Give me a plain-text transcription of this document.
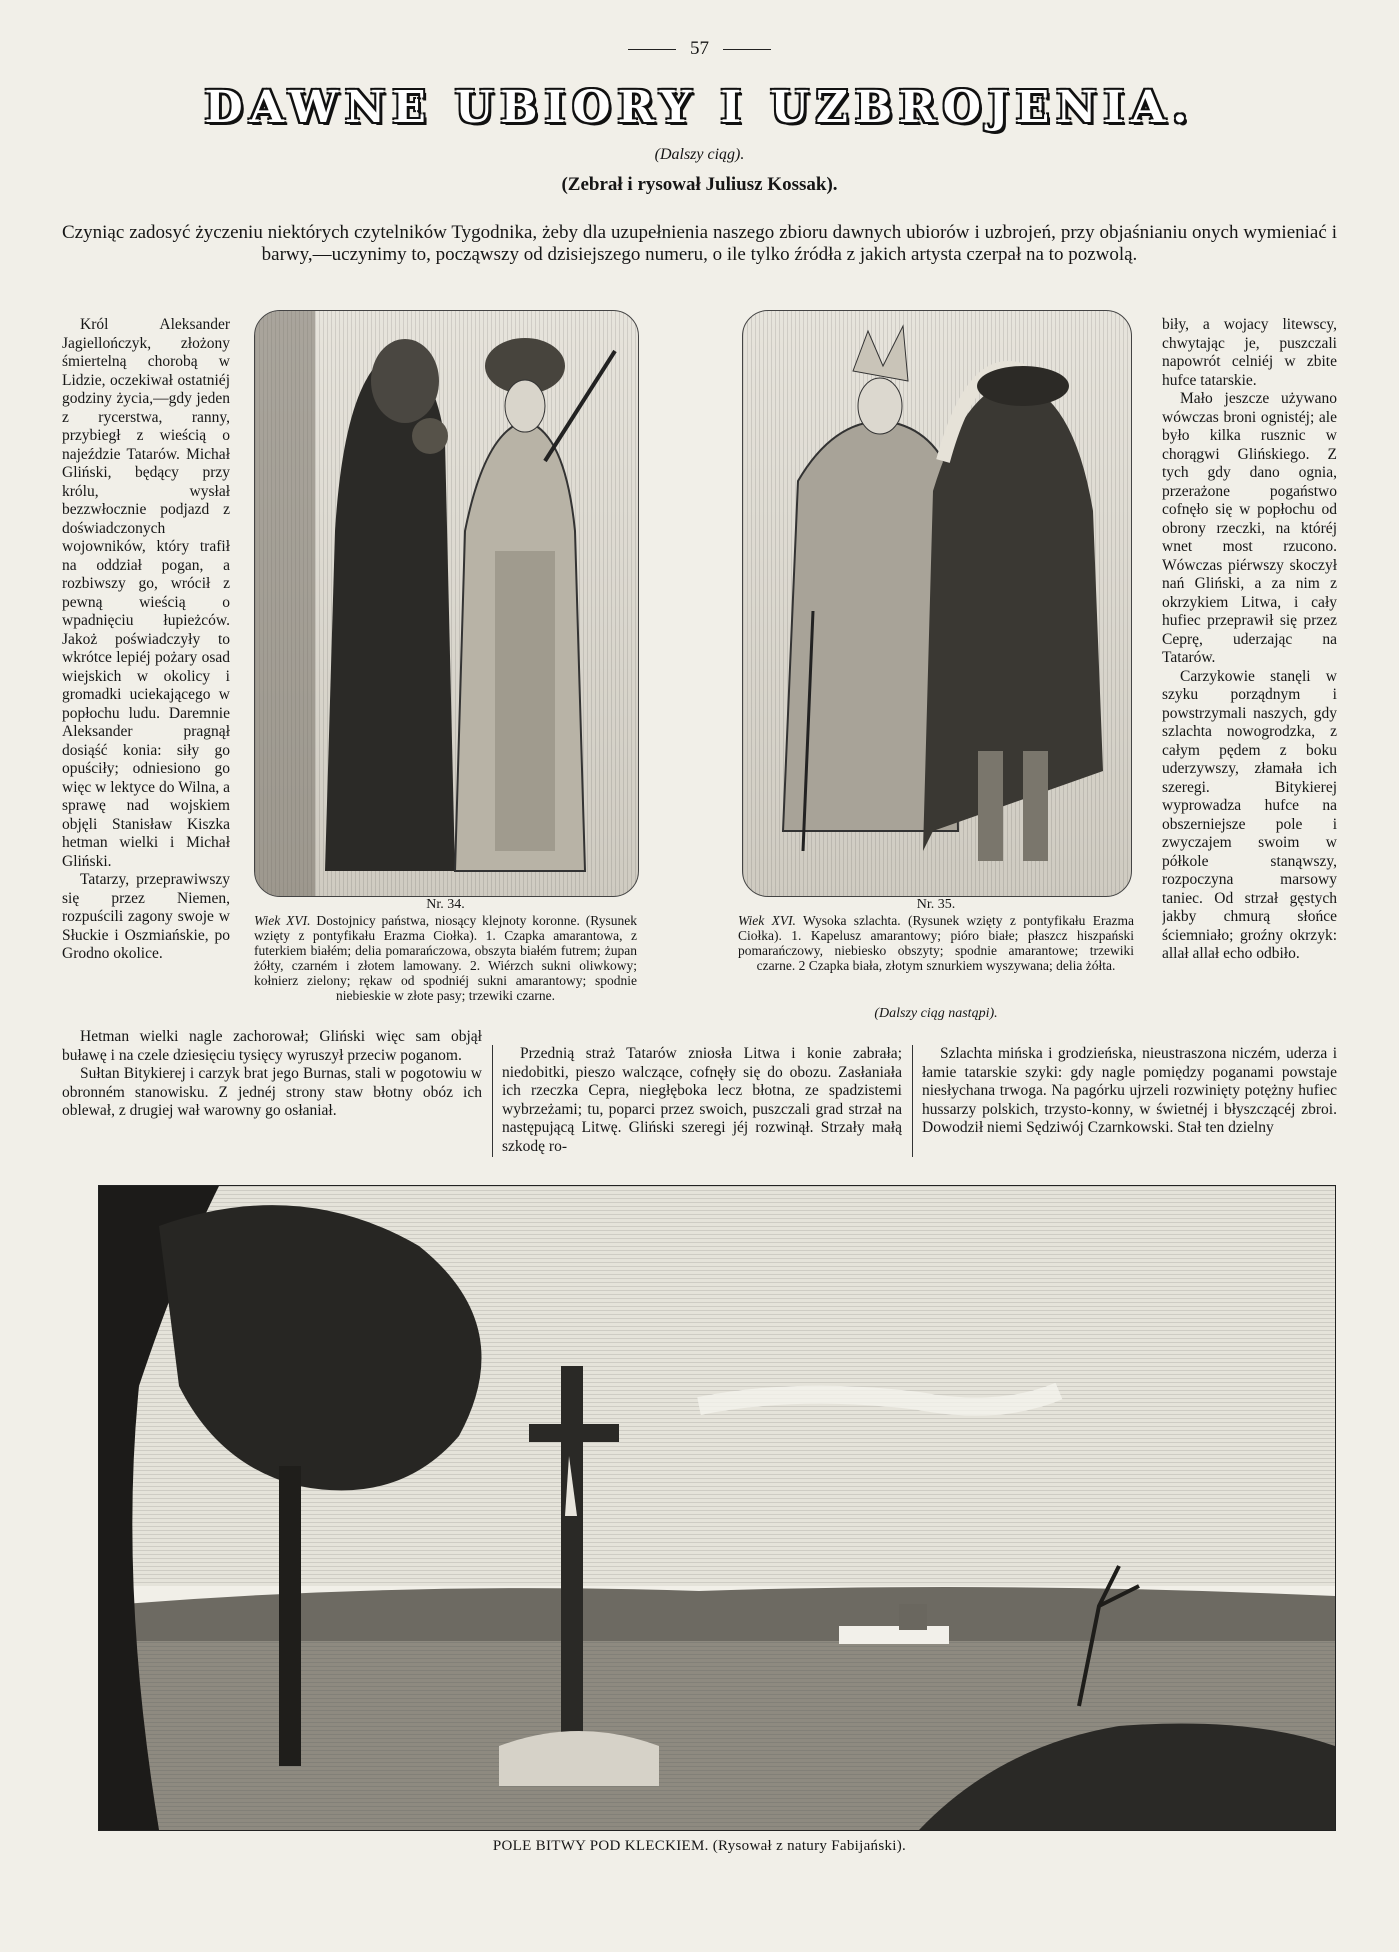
57
DAWNE UBIORY I UZBROJENIA.
(Dalszy ciąg).
(Zebrał i rysował Juliusz Kossak).
Czyniąc zadosyć życzeniu niektórych czytelników Tygodnika, żeby dla uzupełnienia naszego zbioru dawnych ubiorów i uzbrojeń, przy objaśnianiu onych wymieniać i barwy,—uczynimy to, począwszy od dzisiejszego numeru, o ile tylko źródła z jakich artysta czerpał na to pozwolą.

Król Aleksander Jagiellończyk, złożony śmiertelną chorobą w Lidzie, oczekiwał ostatniéj godziny życia,—gdy jeden z rycerstwa, ranny, przybiegł z wieścią o najeździe Tatarów. Michał Gliński, będący przy królu, wysłał bezzwłocznie podjazd z doświadczonych wojowników, który trafił na oddział pogan, a rozbiwszy go, wrócił z pewną wieścią o wpadnięciu łupieżców. Jakoż poświadczyły to wkrótce lepiéj pożary osad wiejskich w okolicy i gromadki uciekającego w popłochu ludu. Daremnie Aleksander pragnął dosiąść konia: siły go opuściły; odniesiono go więc w lektyce do Wilna, a sprawę nad wojskiem objęli Stanisław Kiszka hetman wielki i Michał Gliński.

Tatarzy, przeprawiwszy się przez Niemen, rozpuścili zagony swoje w Słuckie i Oszmiańskie, po Grodno okolice.

Nr. 34.
Wiek XVI. Dostojnicy państwa, niosący klejnoty koronne. (Rysunek wzięty z pontyfikału Erazma Ciołka). 1. Czapka amarantowa, z futerkiem białém; delia pomarańczowa, obszyta białém futrem; żupan żółty, czarném i złotem lamowany. 2. Wiérzch sukni oliwkowy; kołnierz zielony; rękaw od spodniéj sukni amarantowy; spodnie niebieskie w złote pasy; trzewiki czarne.
Nr. 35.
Wiek XVI. Wysoka szlachta. (Rysunek wzięty z pontyfikału Erazma Ciołka). 1. Kapelusz amarantowy; pióro białe; płaszcz hiszpański pomarańczowy, niebiesko obszyty; spodnie amarantowe; trzewiki czarne. 2 Czapka biała, złotym sznurkiem wyszywana; delia żółta.
(Dalszy ciąg nastąpi).

biły, a wojacy litewscy, chwytając je, puszczali napowrót celniéj w zbite hufce tatarskie.

Mało jeszcze używano wówczas broni ognistéj; ale było kilka rusznic w chorągwi Glińskiego. Z tych gdy dano ognia, przerażone pogaństwo cofnęło się w popłochu od obrony rzeczki, na któréj wnet most rzucono. Wówczas piérwszy skoczył nań Gliński, a za nim z okrzykiem Litwa, i cały hufiec przeprawił się przez Ceprę, uderzając na Tatarów.

Carzykowie stanęli w szyku porządnym i powstrzymali naszych, gdy szlachta nowogrodzka, z całym pędem z boku uderzywszy, złamała ich szeregi. Bitykierej wyprowadza hufce na obszerniejsze pole i zwyczajem swoim w półkole stanąwszy, rozpoczyna marsowy taniec. Od strzał gęstych jakby chmurą słońce ściemniało; groźny okrzyk: allał allał echo odbiło.

Hetman wielki nagle zachorował; Gliński więc sam objął buławę i na czele dziesięciu tysięcy wyruszył przeciw poganom.

Sułtan Bitykierej i carzyk brat jego Burnas, stali w pogotowiu w obronném stanowisku. Z jednéj strony staw błotny obóz ich oblewał, z drugiej wał warowny go osłaniał.

Przednią straż Tatarów zniosła Litwa i konie zabrała; niedobitki, pieszo walczące, cofnęły się do obozu. Zasłaniała ich rzeczka Cepra, niegłęboka lecz błotna, ze spadzistemi wybrzeżami; tu, poparci przez swoich, puszczali grad strzał na następującą Litwę. Gliński szeregi jéj rozwinął. Strzały małą szkodę ro-

Szlachta mińska i grodzieńska, nieustraszona niczém, uderza i łamie tatarskie szyki: gdy nagle pomiędzy poganami powstaje niesłychana trwoga. Na pagórku ujrzeli rozwinięty potężny hufiec hussarzy polskich, trzysto-konny, w świetnéj i błyszczącéj zbroi. Dowodził niemi Sędziwój Czarnkowski. Stał ten dzielny

POLE BITWY POD KLECKIEM. (Rysował z natury Fabijański).
